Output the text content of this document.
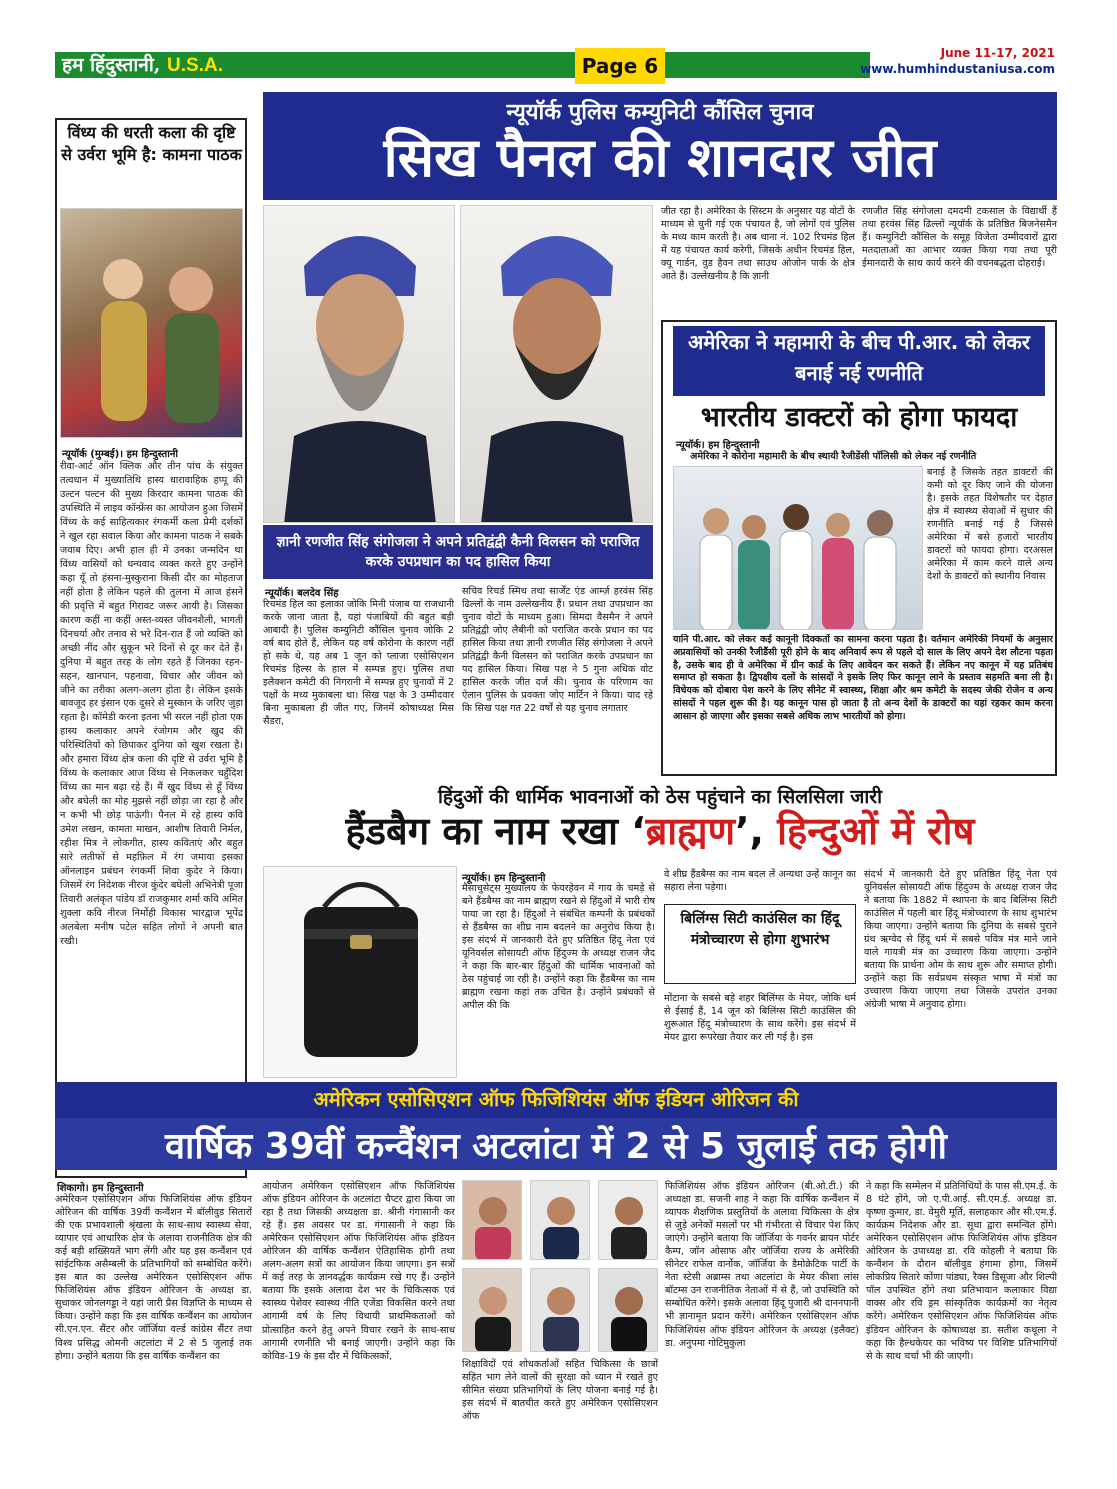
हम हिंदुस्तानी, U.S.A.	Page 6
June 11-17, 2021
www.humhindustaniusa.com
विंध्य की धरती कला की दृष्टि से उर्वरा भूमि है: कामना पाठक
न्यूयॉर्क (मुम्बई)। हम हिन्दुस्तानी
रीवा-आर्ट ऑन क्लिक और तीन पांच के संयुक्त तत्वधान में मुख्यातिथि हास्य धारावाहिक हप्पू की उल्टन पल्टन की मुख्य किरदार कामना पाठक की उपस्थिति में लाइव कॉन्फ्रेंस का आयोजन हुआ जिसमें विंध्य के कई साहित्यकार रंगकर्मी कला प्रेमी दर्शकों ने खुल रहा सवाल किया और कामना पाठक ने सबके जवाब दिए। अभी हाल ही में उनका जन्मदिन था विंध्य वासियों को धन्यवाद व्यक्त करते हुए उन्होंने कहा यूँ तो हंसना-मुस्कुराना किसी दौर का मोहताज नहीं होता है लेकिन पहले की तुलना में आज हंसने की प्रवृत्ति में बहुत गिरावट जरूर आयी है। जिसका कारण कहीं ना कहीं अस्त-व्यस्त जीवनशैली, भागती दिनचर्या और तनाव से भरे दिन-रात हैं जो व्यक्ति को अच्छी नींद और सुकून भरे दिनों से दूर कर देते हैं। दुनिया में बहुत तरह के लोग रहते हैं जिनका रहन-सहन, खानपान, पहनावा, विचार और जीवन को जीने का तरीका अलग-अलग होता है। लेकिन इसके बावजूद हर इंसान एक दूसरे से मुस्कान के जरिए जुड़ा रहता है। कॉमेडी करना इतना भी सरल नहीं होता एक हास्य कलाकार अपने रंजोगम और खुद की परिस्थितियों को छिपाकर दुनिया को खुश रखता है। और हमारा विंध्य क्षेत्र कला की दृष्टि से उर्वरा भूमि है विंध्य के कलाकार आज विंध्य से निकलकर चहुँदिश विंध्य का मान बढ़ा रहे हैं। मैं खुद विंध्य से हूँ विंध्य और बघेली का मोह मुझसे नहीं छोड़ा जा रहा है और न कभी भी छोड़ पाऊंगी। पैनल में रहे हास्य कवि उमेश लखन, कामता माखन, आशीष तिवारी निर्मल, रहीश मित्र ने लोकगीत, हास्य कविताएं और बहुत सारे लतीफों से महफ़िल में रंग जमाया इसका ऑनलाइन प्रबंधन रंगकर्मी शिवा कुदेर ने किया। जिसमें रंग निदेशक नीरज कुंदेर बघेली अभिनेत्री पूजा तिवारी अलंकृत पांडेय डॉ राजकुमार शर्मा कवि अमित शुक्ला कवि नीरज निर्मोही विकास भारद्वाज भूपेंद्र अलबेला मनीष पटेल सहित लोगों ने अपनी बात रखी।
न्यूयॉर्क पुलिस कम्युनिटी कौंसिल चुनाव
सिख पैनल की शानदार जीत
ज्ञानी रणजीत सिंह संगोजला ने अपने प्रतिद्वंद्वी कैनी विलसन को पराजित करके उपप्रधान का पद हासिल किया
न्यूयॉर्क। बलदेव सिंह
रिचमंड हिल का इलाका जोकि मिनी पंजाब या राजधानी करके जाना जाता है, यहां पंजाबियों की बहुत बड़ी आबादी है। पुलिस कम्युनिटी कौंसिल चुनाव जोकि 2 वर्ष बाद होते हैं, लेकिन यह वर्ष कोरोना के कारण नहीं हो सके थे, यह अब 1 जून को प्लाजा एसोसिएशन रिचमंड हिल्स के हाल में सम्पन्न हुए। पुलिस तथा इलैक्शन कमेटी की निगरानी में सम्पन्न हुए चुनावों में 2 पक्षों के मध्य मुकाबला था। सिख पक्ष के 3 उम्मीदवार बिना मुकाबला ही जीत गए, जिनमें कोषाध्यक्ष मिस सैंडरा,
सचिव रिचर्ड स्मिथ तथा सार्जेंट एंड आर्म्ज़ हरवंस सिंह ढिल्लों के नाम उल्लेखनीय हैं। प्रधान तथा उपप्रधान का चुनाव वोटों के माध्यम हुआ। सिमदा वैसमैन ने अपने प्रतिद्वंद्वी जोए लैबीनी को पराजित करके प्रधान का पद हासिल किया तथा ज्ञानी रणजीत सिंह संगोजला ने अपने प्रतिद्वंद्वी कैनी विलसन को पराजित करके उपप्रधान का पद हासिल किया। सिख पक्ष ने 5 गुना अधिक वोट हासिल करके जीत दर्ज की। चुनाव के परिणाम का ऐलान पुलिस के प्रवक्ता जोए मार्टिन ने किया। याद रहे कि सिख पक्ष गत 22 वर्षों से यह चुनाव लगातार
जीत रहा है। अमेरिका के सिस्टम के अनुसार यह वोटों के माध्यम से चुनी गई एक पंचायत है, जो लोगों एवं पुलिस के मध्य काम करती है। अब थाना नं. 102 रिचमंड हिल में यह पंचायत कार्य करेगी, जिसके अधीन रिचमंड हिल, क्यू गार्डन, वुड हैवन तथा साउथ ओजोन पार्क के क्षेत्र आते हैं। उल्लेखनीय है कि ज्ञानी
रणजीत सिंह संगोजला दमदमी टकसाल के विद्यार्थी हैं तथा हरवंस सिंह ढिल्लों न्यूयॉर्क के प्रतिष्ठित बिजनेसमैन हैं। कम्युनिटी कौंसिल के समूह विजेता उम्मीदवारों द्वारा मतदाताओं का आभार व्यक्त किया गया तथा पूरी ईमानदारी के साथ कार्य करने की वचनबद्धता दोहराई।
अमेरिका ने महामारी के बीच पी.आर. को लेकर बनाई नई रणनीति
भारतीय डाक्टरों को होगा फायदा
न्यूयॉर्क। हम हिन्दुस्तानी
अमेरिका ने कोरोना महामारी के बीच स्थायी रैजीडेंसी पॉलिसी को लेकर नई रणनीति
बनाई है जिसके तहत डाक्टरों की कमी को दूर किए जाने की योजना है। इसके तहत विशेषतौर पर देहात क्षेत्र में स्वास्थ्य सेवाओं में सुधार की रणनीति बनाई गई है जिससे अमेरिका में बसे हजारों भारतीय डाक्टरों को फायदा होगा। दरअसल अमेरिका में काम करने वाले अन्य देशों के डाक्टरों को स्थानीय निवास
यानि पी.आर. को लेकर कई कानूनी दिक्कतों का सामना करना पड़ता है। वर्तमान अमेरिकी नियमों के अनुसार अप्रवासियों को उनकी रैजीडैंसी पूरी होने के बाद अनिवार्य रूप से पहले दो साल के लिए अपने देश लौटना पड़ता है, उसके बाद ही वे अमेरिका में ग्रीन कार्ड के लिए आवेदन कर सकते हैं। लेकिन नए कानून में यह प्रतिबंध समाप्त हो सकता है। द्विपक्षीय दलों के सांसदों ने इसके लिए फिर कानून लाने के प्रस्ताव सहमति बना ली है। विधेयक को दोबारा पेश करने के लिए सीनेट में स्वास्थ्य, शिक्षा और श्रम कमेटी के सदस्य जेकी रोजेन व अन्य सांसदों ने पहल शुरू की है। यह कानून पास हो जाता है तो अन्य देशों के डाक्टरों का यहां रहकर काम करना आसान हो जाएगा और इसका सबसे अधिक लाभ भारतीयों को होगा।
हिंदुओं की धार्मिक भावनाओं को ठेस पहुंचाने का सिलसिला जारी
हैंडबैग का नाम रखा ‘ब्राह्मण’, हिन्दुओं में रोष
न्यूयॉर्क। हम हिन्दुस्तानी
मैसाचुसेट्स मुख्यालय के फेयरहेवन में गाय के चमड़े से बने हैंडबैग्स का नाम ब्राह्मण रखने से हिंदुओं में भारी रोष पाया जा रहा है। हिंदुओं ने संबंधित कम्पनी के प्रबंधकों से हैंडबैग्स का शीघ्र नाम बदलने का अनुरोध किया है। इस संदर्भ में जानकारी देते हुए प्रतिष्ठित हिंदू नेता एवं यूनिवर्सल सोसायटी ऑफ हिंदुज्म के अध्यक्ष राजन जैद ने कहा कि बार-बार हिंदुओं की धार्मिक भावनाओं को ठेस पहुंचाई जा रही है। उन्होंने कहा कि हैंडबैग्स का नाम ब्राह्मण रखना कहां तक उचित है। उन्होंने प्रबंधकों से अपील की कि
वे शीघ्र हैंडबैग्स का नाम बदल लें अन्यथा उन्हें कानून का सहारा लेना पड़ेगा।
बिलिंग्स सिटी काउंसिल का हिंदू मंत्रोच्चारण से होगा शुभारंभ
मोंटाना के सबसे बड़े शहर बिलिंग्स के मेयर, जोकि धर्म से ईसाई हैं, 14 जून को बिलिंग्स सिटी काउंसिल की शुरूआत हिंदू मंत्रोच्चारण के साथ करेंगे। इस संदर्भ में मेयर द्वारा रूपरेखा तैयार कर ली गई है। इस
संदर्भ में जानकारी देते हुए प्रतिष्ठित हिंदू नेता एवं यूनिवर्सल सोसायटी ऑफ हिंदुज्म के अध्यक्ष राजन जैद ने बताया कि 1882 में स्थापना के बाद बिलिंग्स सिटी काउंसिल में पहली बार हिंदू मंत्रोच्चारण के साथ शुभारंभ किया जाएगा। उन्होंने बताया कि दुनिया के सबसे पुराने ग्रंथ ऋग्वेद से हिंदू धर्म में सबसे पवित्र मंत्र माने जाने वाले गायत्री मंत्र का उच्चारण किया जाएगा। उन्होंने बताया कि प्रार्थना ओम के साथ शुरू और समाप्त होगी। उन्होंने कहा कि सर्वप्रथम संस्कृत भाषा में मंत्रों का उच्चारण किया जाएगा तथा जिसके उपरांत उनका अंग्रेजी भाषा में अनुवाद होगा।
अमेरिकन एसोसिएशन ऑफ फिजिशियंस ऑफ इंडियन ओरिजन की
वार्षिक 39वीं कन्वैंशन अटलांटा में 2 से 5 जुलाई तक होगी
शिकागो। हम हिन्दुस्तानी
अमेरिकन एसोसिएशन ऑफ फिजिशियंस ऑफ इंडियन ओरिजन की वार्षिक 39वीं कन्वैंशन में बॉलीवुड सितारों की एक प्रभावशाली श्रृंखला के साथ-साथ स्वास्थ्य सेवा, व्यापार एवं आधारिक क्षेत्र के अलावा राजनीतिक क्षेत्र की कई बड़ी शख्सियतें भाग लेंगी और यह इस कन्वैंशन एवं सांईटफिक असैम्बली के प्रतिभागियों को सम्बोधित करेंगे। इस बात का उल्लेख अमेरिकन एसोसिएशन ऑफ फिजिशियंस ऑफ इंडियन ओरिजन के अध्यक्ष डा. सुधाकर जोनलगड्डा ने यहां जारी प्रैस विज्ञप्ति के माध्यम से किया। उन्होंने कहा कि इस वार्षिक कन्वैंशन का आयोजन सी.एन.एन. सैंटर और जॉर्जिया वर्ल्ड कांग्रेस सैंटर तथा विश्व प्रसिद्ध ओमनी अटलांटा में 2 से 5 जुलाई तक होगा। उन्होंने बताया कि इस वार्षिक कन्वैंशन का
आयोजन अमेरिकन एसोसिएशन ऑफ फिजिशियंस ऑफ इंडियन ओरिजन के अटलांटा चैप्टर द्वारा किया जा रहा है तथा जिसकी अध्यक्षता डा. श्रीनी गंगासानी कर रहे हैं। इस अवसर पर डा. गंगासानी ने कहा कि अमेरिकन एसोसिएशन ऑफ फिजिशियंस ऑफ इंडियन ओरिजन की वार्षिक कन्वैंशन ऐतिहासिक होगी तथा अलग-अलग सत्रों का आयोजन किया जाएगा। इन सत्रों में कई तरह के ज्ञानवर्द्धक कार्यक्रम रखे गए हैं। उन्होंने बताया कि इसके अलावा देश भर के चिकित्सक एवं स्वास्थ्य पेशेवर स्वास्थ्य नीति एजेंडा विकसित करने तथा आगामी वर्ष के लिए विधायी प्राथमिकताओं को प्रोत्साहित करने हेतु अपने विचार रखने के साथ-साथ आगामी रणनीति भी बनाई जाएगी। उन्होंने कहा कि कोविड-19 के इस दौर में चिकित्सकों,
शिक्षाविदों एवं शोधकर्ताओं सहित चिकित्सा के छात्रों सहित भाग लेने वालों की सुरक्षा को ध्यान में रखते हुए सीमित संख्या प्रतिभागियों के लिए योजना बनाई गई है। इस संदर्भ में बातचीत करते हुए अमेरिकन एसोसिएशन ऑफ
फिजिशियंस ऑफ इंडियन ओरिजन (बी.ओ.टी.) की अध्यक्षा डा. सजनी शाह ने कहा कि वार्षिक कन्वैंशन में व्यापक शैक्षणिक प्रस्तुतियों के अलावा चिकित्सा के क्षेत्र से जुड़े अनेकों मसलों पर भी गंभीरता से विचार पेश किए जाएंगे। उन्होंने बताया कि जॉर्जिया के गवर्नर ब्रायन पोर्टर कैम्प, जॉन ओसाफ और जॉर्जिया राज्य के अमेरिकी सीनेटर राफेल वार्नोक, जॉर्जिया के डैमोक्रेटिक पार्टी के नेता स्टेसी अब्राम्स तथा अटलांटा के मेयर कीशा लांस बॉटम्स उन राजनीतिक नेताओं में से हैं, जो उपस्थिति को सम्बोधित करेंगे। इसके अलावा हिंदू पुजारी श्री दाननपानी भी ज्ञानामृत प्रदान करेंगे। अमेरिकन एसोसिएशन ऑफ फिजिशियंस ऑफ इंडियन ओरिजन के अध्यक्ष (इलैक्ट) डा. अनुपमा गोटिमुकुला
ने कहा कि सम्मेलन में प्रतिनिधियों के पास सी.एम.ई. के 8 घंटे होंगे, जो ए.पी.आई. सी.एम.ई. अध्यक्ष डा. कृष्णा कुमार, डा. वेमुरी मूर्ति, सलाहकार और सी.एम.ई. कार्यक्रम निदेशक और डा. सुधा द्वारा समन्वित होंगे। अमेरिकन एसोसिएशन ऑफ फिजिशियंस ऑफ इंडियन ओरिजन के उपाध्यक्ष डा. रवि कोहली ने बताया कि कन्वैंशन के दौरान बॉलीवुड हंगामा होगा, जिसमें लोकप्रिय सितारे कोंणा पांड्या, रैक्स डिसूजा और शिल्पी पॉल उपस्थित होंगे तथा प्रतिभावान कलाकार विद्या वाक्स और रवि ड्रम सांस्कृतिक कार्यक्रमों का नेतृत्व करेंगे। अमेरिकन एसोसिएशन ऑफ फिजिशियंस ऑफ इंडियन ओरिजन के कोषाध्यक्ष डा. सतीश कथूला ने कहा कि हैल्थकेयर का भविष्य पर विशिष्ट प्रतिभागियों से के साथ चर्चा भी की जाएगी।
